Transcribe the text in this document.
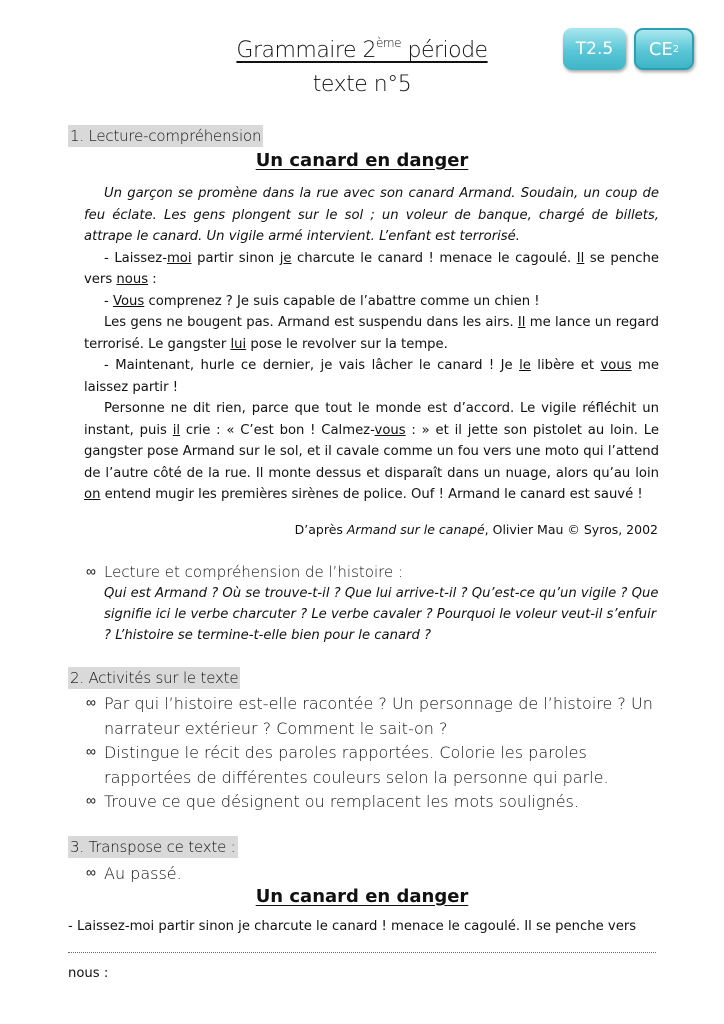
Grammaire 2ème période
texte n°5
T2.5	CE 2
1. Lecture-compréhension
Un canard en danger

Un garçon se promène dans la rue avec son canard Armand. Soudain, un coup de feu éclate. Les gens plongent sur le sol ; un voleur de banque, chargé de billets, attrape le canard. Un vigile armé intervient. L’enfant est terrorisé.

- Laissez-moi partir sinon je charcute le canard ! menace le cagoulé. Il se penche vers nous :

- Vous comprenez ? Je suis capable de l’abattre comme un chien !

Les gens ne bougent pas. Armand est suspendu dans les airs. Il me lance un regard terrorisé. Le gangster lui pose le revolver sur la tempe.

- Maintenant, hurle ce dernier, je vais lâcher le canard ! Je le libère et vous me laissez partir !

Personne ne dit rien, parce que tout le monde est d’accord. Le vigile réfléchit un instant, puis il crie : « C’est bon ! Calmez-vous : » et il jette son pistolet au loin. Le gangster pose Armand sur le sol, et il cavale comme un fou vers une moto qui l’attend de l’autre côté de la rue. Il monte dessus et disparaît dans un nuage, alors qu’au loin on entend mugir les premières sirènes de police. Ouf ! Armand le canard est sauvé !

D’après Armand sur le canapé, Olivier Mau © Syros, 2002
∞ Lecture et compréhension de l’histoire :
Qui est Armand ? Où se trouve-t-il ? Que lui arrive-t-il ? Qu’est-ce qu’un vigile ? Que signifie ici le verbe charcuter ? Le verbe cavaler ? Pourquoi le voleur veut-il s’enfuir ? L’histoire se termine-t-elle bien pour le canard ?
2. Activités sur le texte
∞ Par qui l’histoire est-elle racontée ? Un personnage de l’histoire ? Un narrateur extérieur ? Comment le sait-on ?
∞ Distingue le récit des paroles rapportées. Colorie les paroles rapportées de différentes couleurs selon la personne qui parle.
∞ Trouve ce que désignent ou remplacent les mots soulignés.
3. Transpose ce texte :
∞ Au passé.
Un canard en danger
- Laissez-moi partir sinon je charcute le canard ! menace le cagoulé. Il se penche vers
nous :
